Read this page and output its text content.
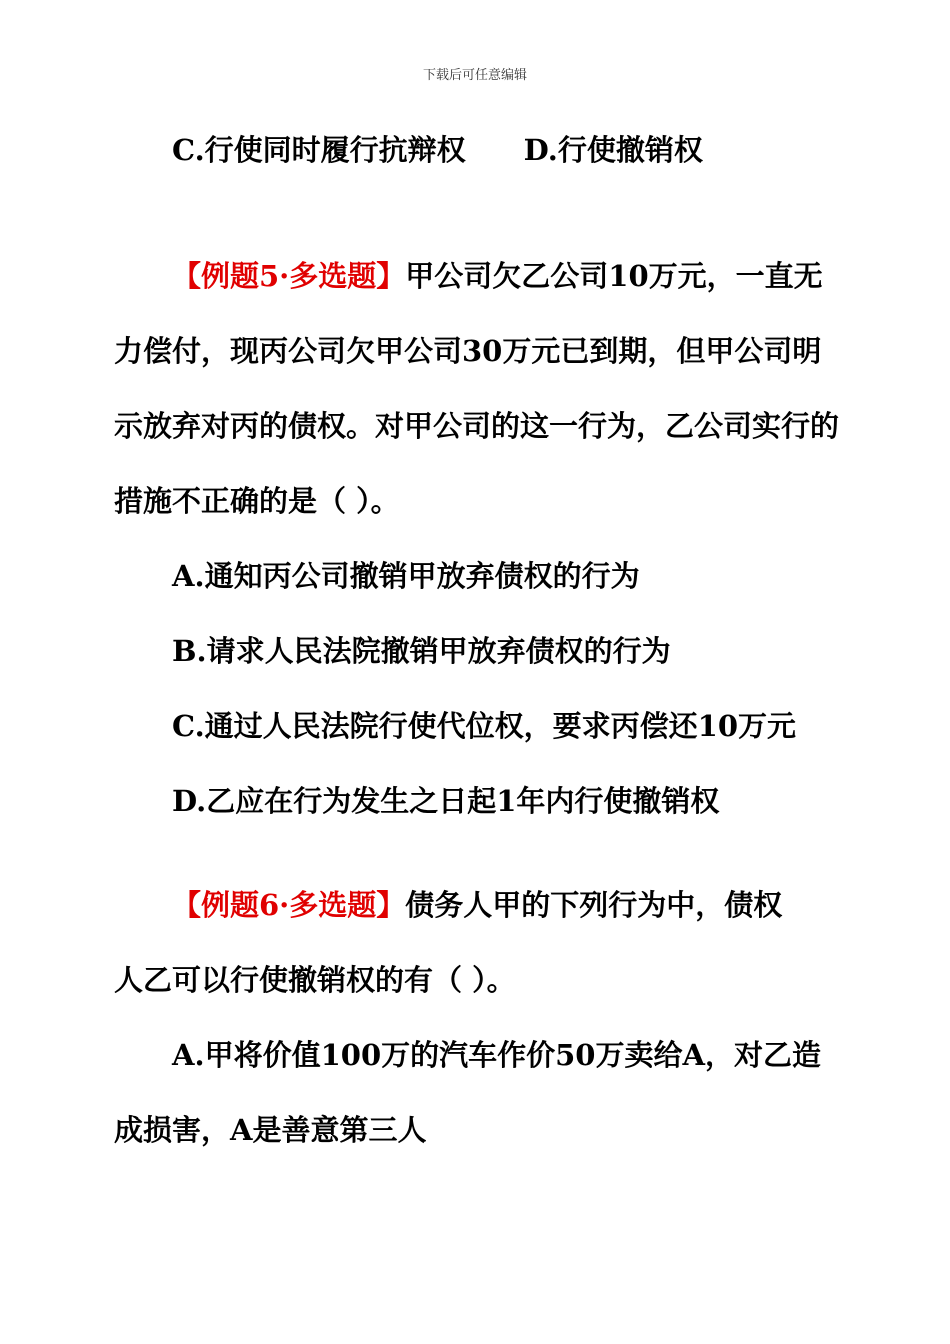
下载后可任意编辑
C.行使同时履行抗辩权 D.行使撤销权
【例题5·多选题】甲公司欠乙公司10万元，一直无
力偿付，现丙公司欠甲公司30万元已到期，但甲公司明
示放弃对丙的债权。对甲公司的这一行为，乙公司实行的
措施不正确的是（ ）。
A.通知丙公司撤销甲放弃债权的行为
B.请求人民法院撤销甲放弃债权的行为
C.通过人民法院行使代位权，要求丙偿还10万元
D.乙应在行为发生之日起1年内行使撤销权
【例题6·多选题】债务人甲的下列行为中，债权
人乙可以行使撤销权的有（ ）。
A.甲将价值100万的汽车作价50万卖给A，对乙造
成损害，A是善意第三人
